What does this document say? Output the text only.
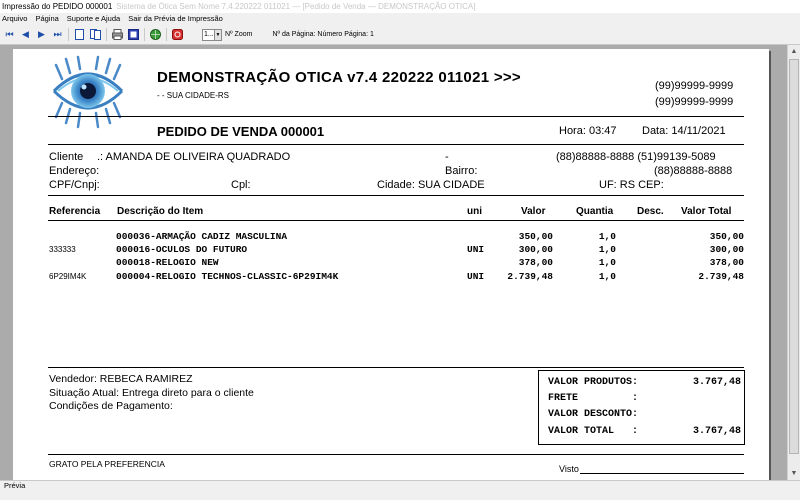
Impressão do PEDIDO 000001 Sistema de Ótica Sem Nome 7.4.220222 011021 — [Pedido de Venda — DEMONSTRAÇÃO OTICA]
Arquivo Página Suporte e Ajuda Sair da Prévia de Impressão
⏮ ◀	▶ ⏭	1... ▼ Nº Zoom	Nº da Página: Número Página: 1
DEMONSTRAÇÃO OTICA v7.4 220222 011021 >>>
- - SUA CIDADE-RS
(99)99999-9999
(99)99999-9999
PEDIDO DE VENDA 000001	Hora: 03:47 Data: 14/11/2021
Cliente .: AMANDA DE OLIVEIRA QUADRADO	-	(88)88888-8888 (51)99139-5089
Endereço:	Bairro:	(88)88888-8888
CPF/Cnpj:	Cpl:	Cidade: SUA CIDADE	UF: RS CEP:
Referencia Descrição do Item	uni	Valor	Quantia Desc. Valor Total
000036-ARMAÇÃO CADIZ MASCULINA	350,00	1,0	350,00
333333	000016-OCULOS DO FUTURO	UNI	300,00	1,0	300,00
000018-RELOGIO NEW	378,00	1,0	378,00
6P29IM4K	000004-RELOGIO TECHNOS-CLASSIC-6P29IM4K	UNI	2.739,48	1,0	2.739,48
Vendedor: REBECA RAMIREZ
Situação Atual: Entrega direto para o cliente
Condições de Pagamento:
VALOR PRODUTOS:	3.767,48
FRETE         :
VALOR DESCONTO:
VALOR TOTAL   :	3.767,48
GRATO PELA PREFERENCIA	Visto
▲
▼
Prévia
